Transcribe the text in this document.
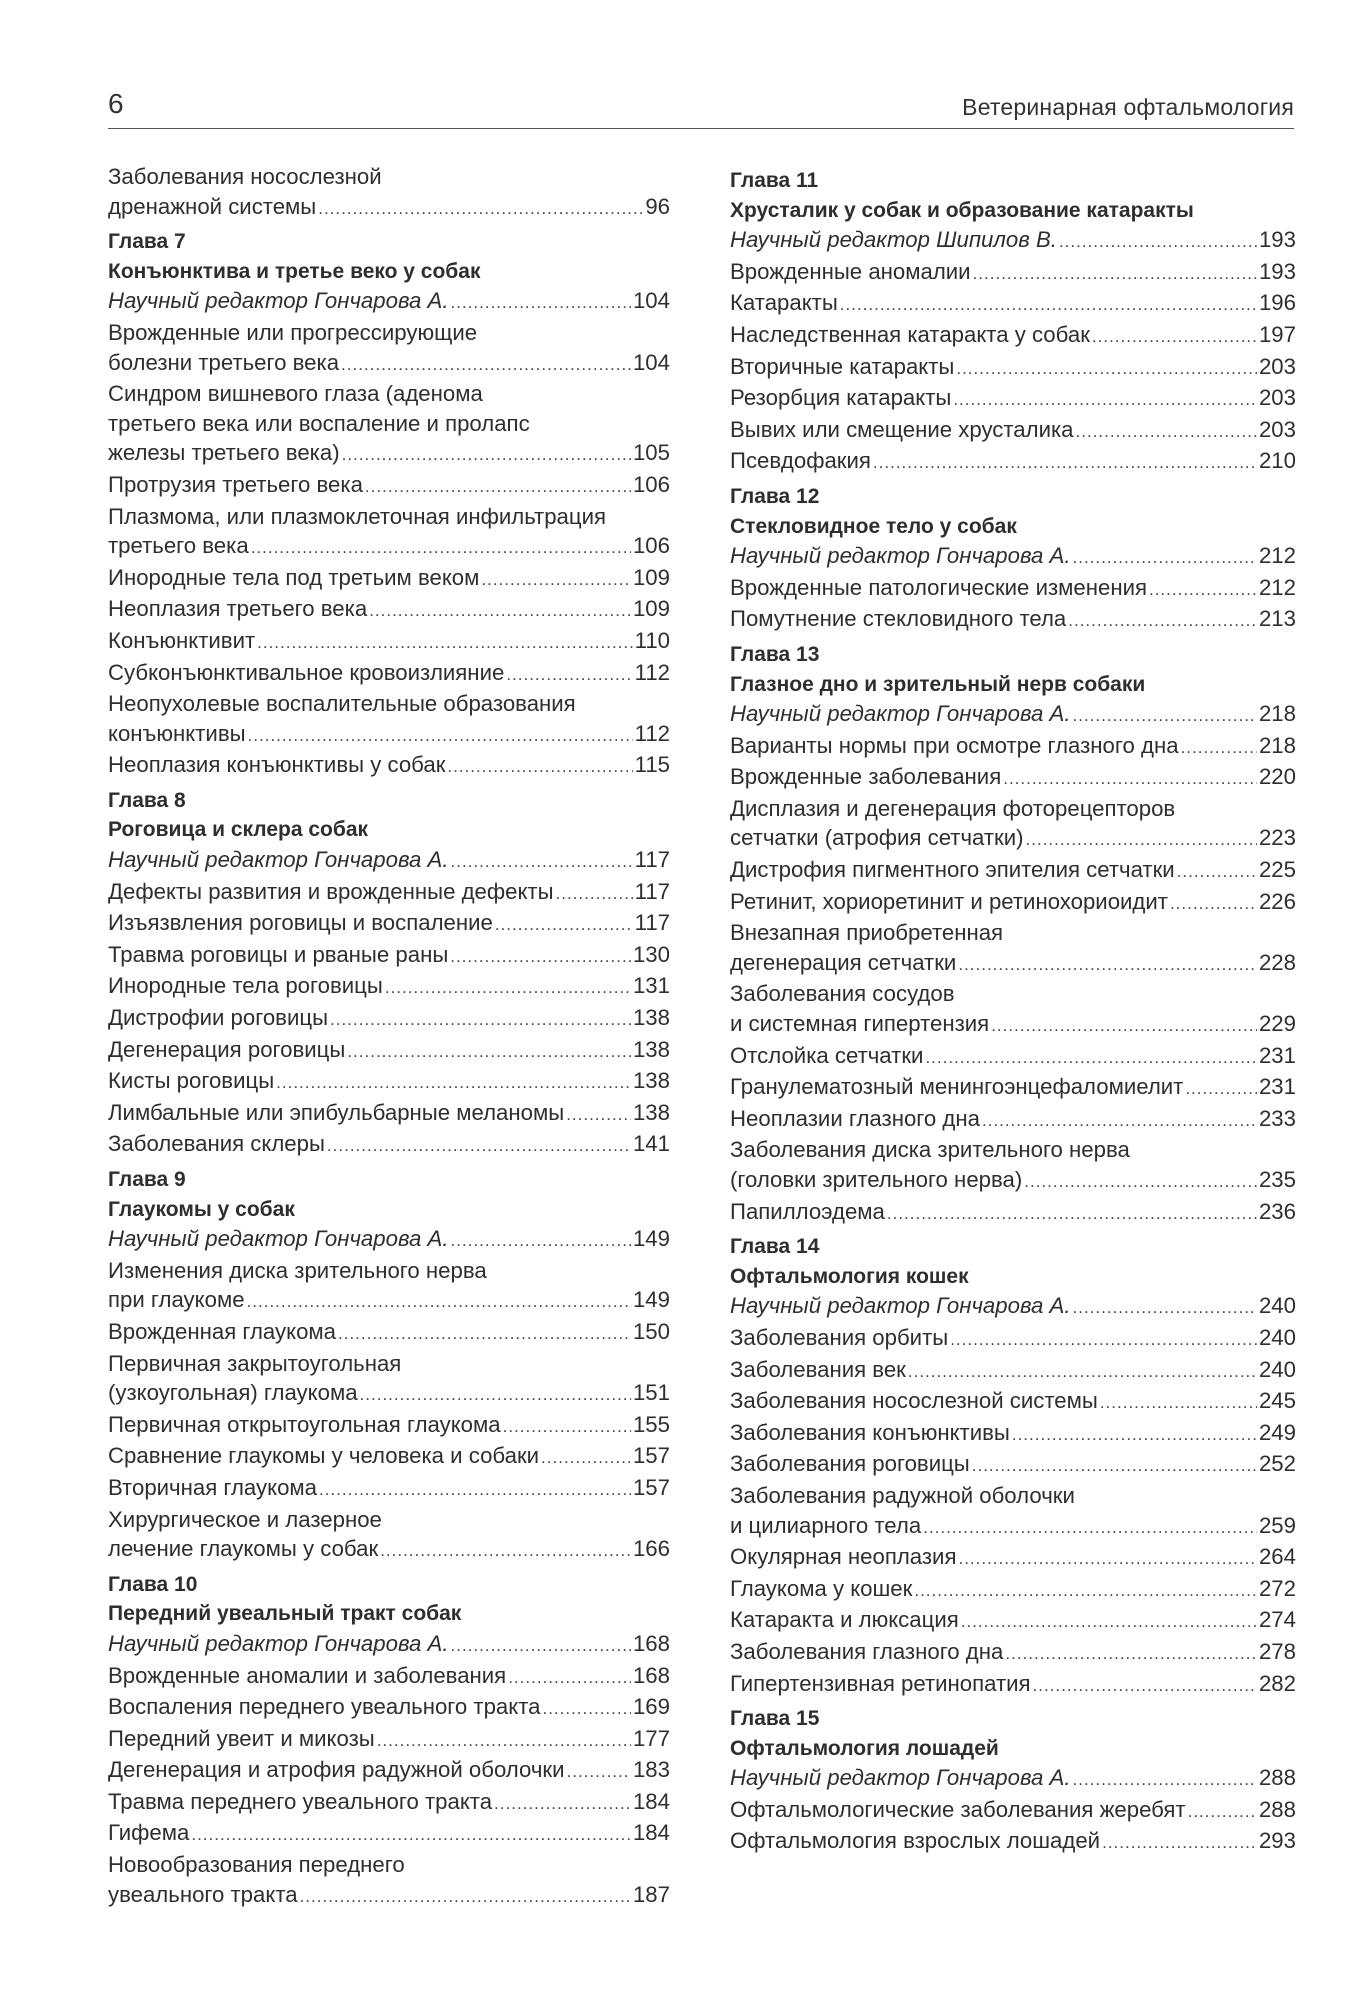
6	Ветеринарная офтальмология
Заболевания носослезной
дренажной системы .....	96
Глава 7
Конъюнктива и третье веко у собак
Научный редактор Гончарова А. .....	104
Врожденные или прогрессирующие
болезни третьего века .....	104
Синдром вишневого глаза (аденома
третьего века или воспаление и пролапс
железы третьего века) .....	105
Протрузия третьего века .....	106
Плазмома, или плазмоклеточная инфильтрация
третьего века .....	106
Инородные тела под третьим веком .....	109
Неоплазия третьего века .....	109
Конъюнктивит .....	110
Субконъюнктивальное кровоизлияние .....	112
Неопухолевые воспалительные образования
конъюнктивы .....	112
Неоплазия конъюнктивы у собак .....	115
Глава 8
Роговица и склера собак
Научный редактор Гончарова А. .....	117
Дефекты развития и врожденные дефекты .....	117
Изъязвления роговицы и воспаление .....	117
Травма роговицы и рваные раны .....	130
Инородные тела роговицы .....	131
Дистрофии роговицы .....	138
Дегенерация роговицы .....	138
Кисты роговицы .....	138
Лимбальные или эпибульбарные меланомы .....	138
Заболевания склеры .....	141
Глава 9
Глаукомы у собак
Научный редактор Гончарова А. .....	149
Изменения диска зрительного нерва
при глаукоме .....	149
Врожденная глаукома .....	150
Первичная закрытоугольная
(узкоугольная) глаукома .....	151
Первичная открытоугольная глаукома .....	155
Сравнение глаукомы у человека и собаки .....	157
Вторичная глаукома .....	157
Хирургическое и лазерное
лечение глаукомы у собак .....	166
Глава 10
Передний увеальный тракт собак
Научный редактор Гончарова А. .....	168
Врожденные аномалии и заболевания .....	168
Воспаления переднего увеального тракта .....	169
Передний увеит и микозы .....	177
Дегенерация и атрофия радужной оболочки .....	183
Травма переднего увеального тракта .....	184
Гифема .....	184
Новообразования переднего
увеального тракта .....	187
Глава 11
Хрусталик у собак и образование катаракты
Научный редактор Шипилов В. .....	193
Врожденные аномалии .....	193
Катаракты .....	196
Наследственная катаракта у собак .....	197
Вторичные катаракты .....	203
Резорбция катаракты .....	203
Вывих или смещение хрусталика .....	203
Псевдофакия .....	210
Глава 12
Стекловидное тело у собак
Научный редактор Гончарова А. .....	212
Врожденные патологические изменения .....	212
Помутнение стекловидного тела .....	213
Глава 13
Глазное дно и зрительный нерв собаки
Научный редактор Гончарова А. .....	218
Варианты нормы при осмотре глазного дна .....	218
Врожденные заболевания .....	220
Дисплазия и дегенерация фоторецепторов
сетчатки (атрофия сетчатки) .....	223
Дистрофия пигментного эпителия сетчатки .....	225
Ретинит, хориоретинит и ретинохориоидит .....	226
Внезапная приобретенная
дегенерация сетчатки .....	228
Заболевания сосудов
и системная гипертензия .....	229
Отслойка сетчатки .....	231
Гранулематозный менингоэнцефаломиелит .....	231
Неоплазии глазного дна .....	233
Заболевания диска зрительного нерва
(головки зрительного нерва) .....	235
Папиллоэдема .....	236
Глава 14
Офтальмология кошек
Научный редактор Гончарова А. .....	240
Заболевания орбиты .....	240
Заболевания век .....	240
Заболевания носослезной системы .....	245
Заболевания конъюнктивы .....	249
Заболевания роговицы .....	252
Заболевания радужной оболочки
и цилиарного тела .....	259
Окулярная неоплазия .....	264
Глаукома у кошек .....	272
Катаракта и люксация .....	274
Заболевания глазного дна .....	278
Гипертензивная ретинопатия .....	282
Глава 15
Офтальмология лошадей
Научный редактор Гончарова А. .....	288
Офтальмологические заболевания жеребят .....	288
Офтальмология взрослых лошадей .....	293
